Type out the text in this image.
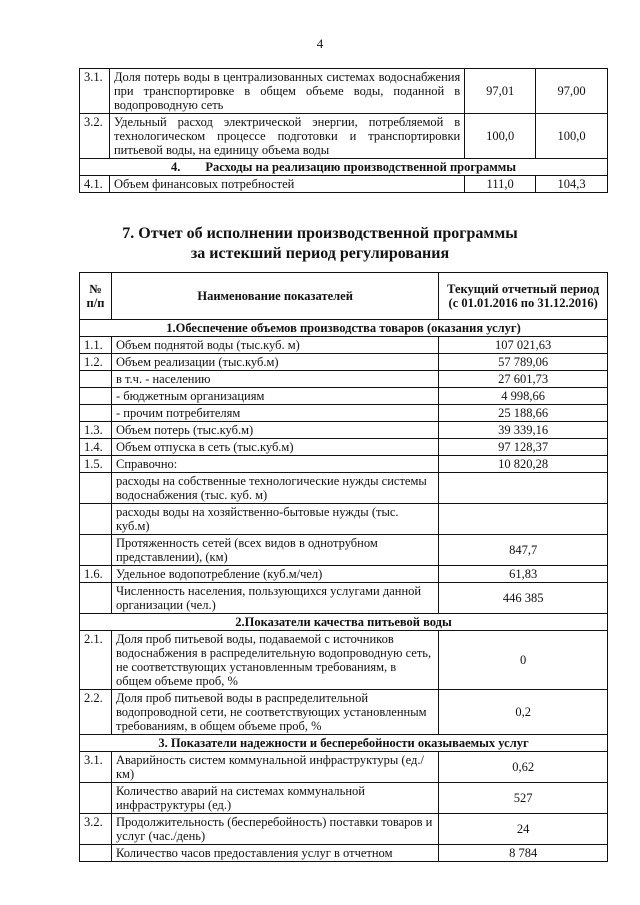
4
3.1.	Доля потерь воды в централизованных системах водоснабжения при транспортировке в общем объеме воды, поданной в водопроводную сеть	97,01	97,00
3.2.	Удельный расход электрической энергии, потребляемой в технологическом процессе подготовки и транспортировки питьевой воды, на единицу объема воды	100,0	100,0
4. Расходы на реализацию производственной программы			
4.1.	Объем финансовых потребностей	111,0	104,3
7. Отчет об исполнении производственной программы
за истекший период регулирования
№ п/п	Наименование показателей	Текущий отчетный период (с 01.01.2016 по 31.12.2016)
1.Обеспечение объемов производства товаров (оказания услуг)		
1.1.	Объем поднятой воды (тыс.куб. м)	107 021,63
1.2.	Объем реализации (тыс.куб.м)	57 789,06
	в т.ч. - населению	27 601,73
	- бюджетным организациям	4 998,66
	- прочим потребителям	25 188,66
1.3.	Объем потерь (тыс.куб.м)	39 339,16
1.4.	Объем отпуска в сеть (тыс.куб.м)	97 128,37
1.5.	Справочно:	10 820,28
	расходы на собственные технологические нужды системы водоснабжения (тыс. куб. м)	
	расходы воды на хозяйственно-бытовые нужды (тыс. куб.м)	
	Протяженность сетей (всех видов в однотрубном представлении), (км)	847,7
1.6.	Удельное водопотребление (куб.м/чел)	61,83
	Численность населения, пользующихся услугами данной организации (чел.)	446 385
2.Показатели качества питьевой воды		
2.1.	Доля проб питьевой воды, подаваемой с источников водоснабжения в распределительную водопроводную сеть, не соответствующих установленным требованиям, в общем объеме проб, %	0
2.2.	Доля проб питьевой воды в распределительной водопроводной сети, не соответствующих установленным требованиям, в общем объеме проб, %	0,2
3. Показатели надежности и бесперебойности оказываемых услуг		
3.1.	Аварийность систем коммунальной инфраструктуры (ед./км)	0,62
	Количество аварий на системах коммунальной инфраструктуры (ед.)	527
3.2.	Продолжительность (бесперебойность) поставки товаров и услуг (час./день)	24
	Количество часов предоставления услуг в отчетном	8 784
